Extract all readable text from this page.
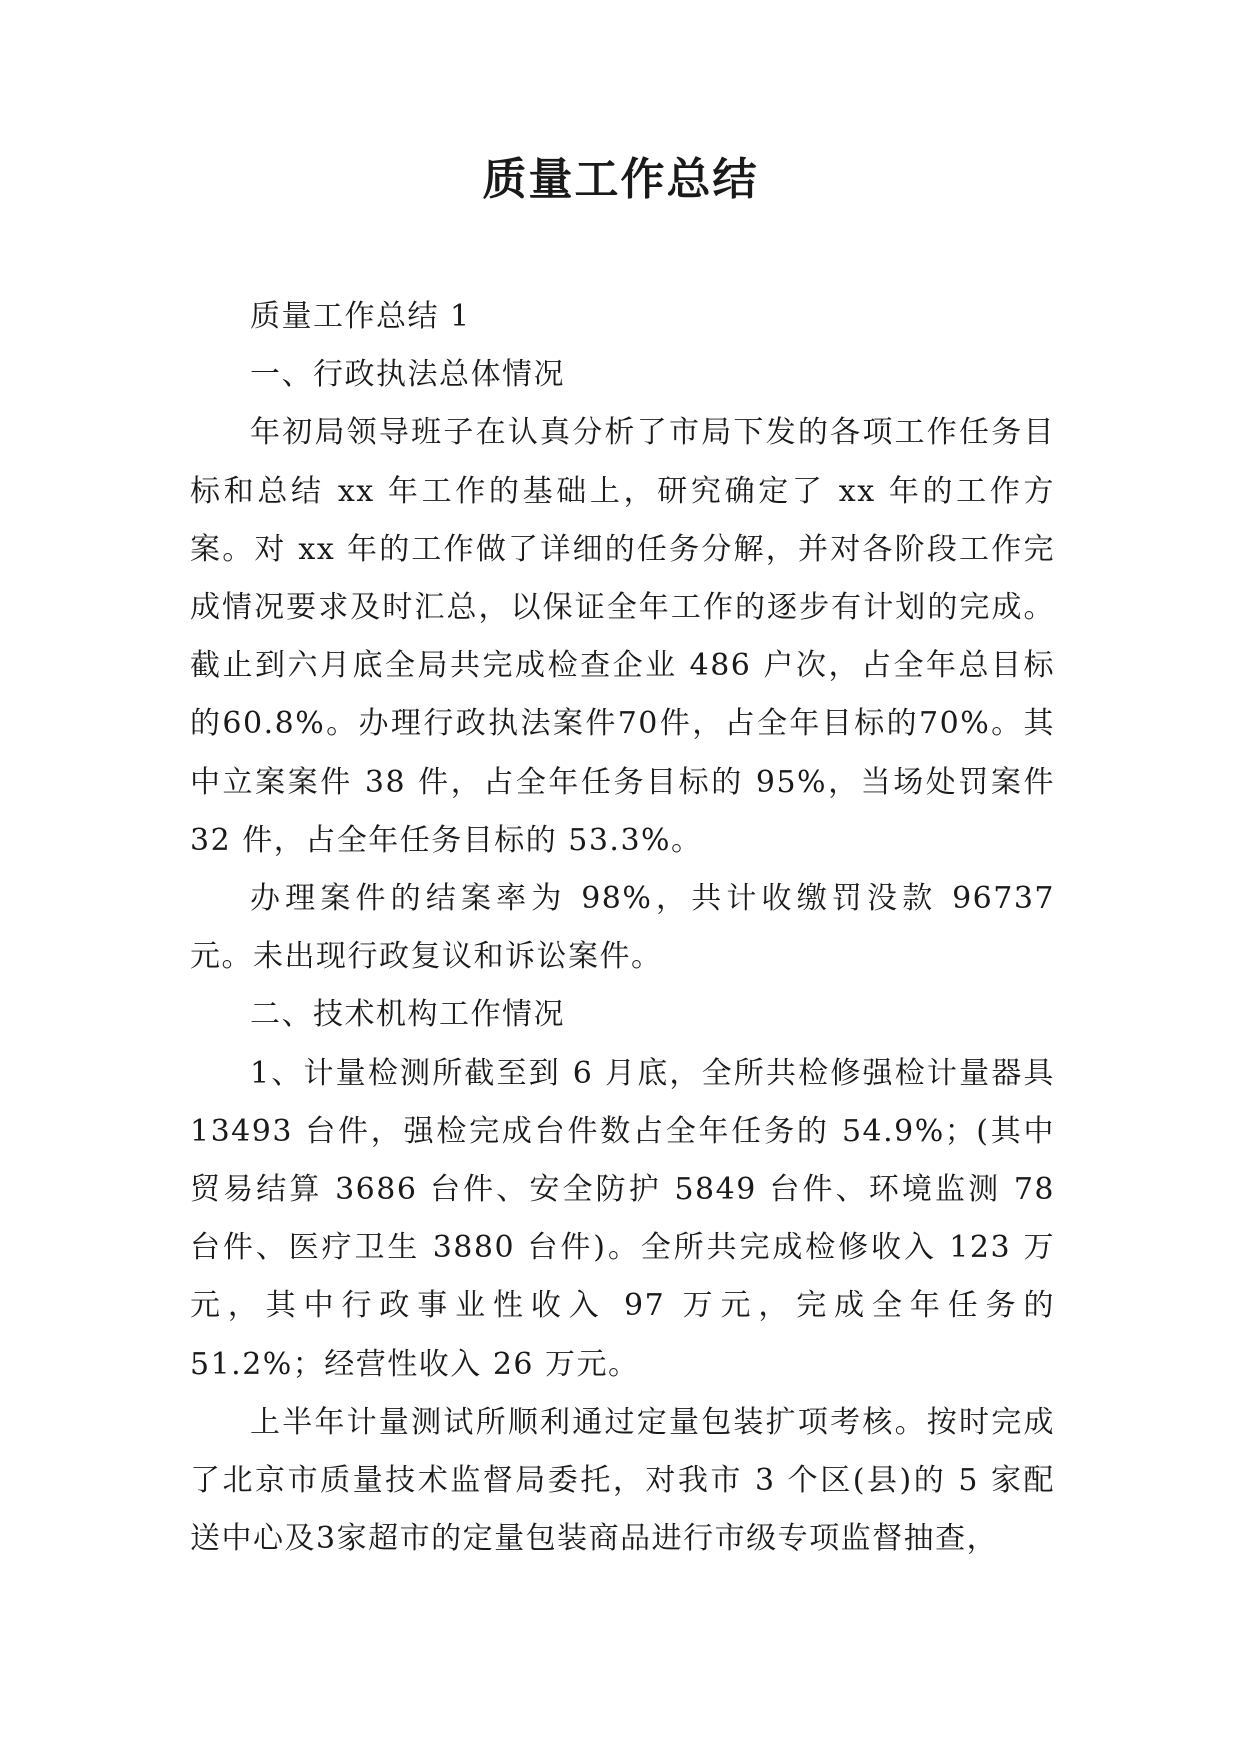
质量工作总结

质量工作总结 1

一、行政执法总体情况

年初局领导班子在认真分析了市局下发的各项工作任务目标和总结 xx 年工作的基础上，研究确定了 xx 年的工作方案。对 xx 年的工作做了详细的任务分解，并对各阶段工作完成情况要求及时汇总，以保证全年工作的逐步有计划的完成。截止到六月底全局共完成检查企业 486 户次，占全年总目标的60.8%。办理行政执法案件70件，占全年目标的70%。其中立案案件 38 件，占全年任务目标的 95%，当场处罚案件 32 件，占全年任务目标的 53.3%。

办理案件的结案率为 98%，共计收缴罚没款 96737 元。未出现行政复议和诉讼案件。

二、技术机构工作情况

1、计量检测所截至到 6 月底，全所共检修强检计量器具 13493 台件，强检完成台件数占全年任务的 54.9%；(其中贸易结算 3686 台件、安全防护 5849 台件、环境监测 78 台件、医疗卫生 3880 台件)。全所共完成检修收入 123 万元，其中行政事业性收入 97 万元，完成全年任务的 51.2%；经营性收入 26 万元。

上半年计量测试所顺利通过定量包装扩项考核。按时完成了北京市质量技术监督局委托，对我市 3 个区(县)的 5 家配送中心及3家超市的定量包装商品进行市级专项监督抽查，
